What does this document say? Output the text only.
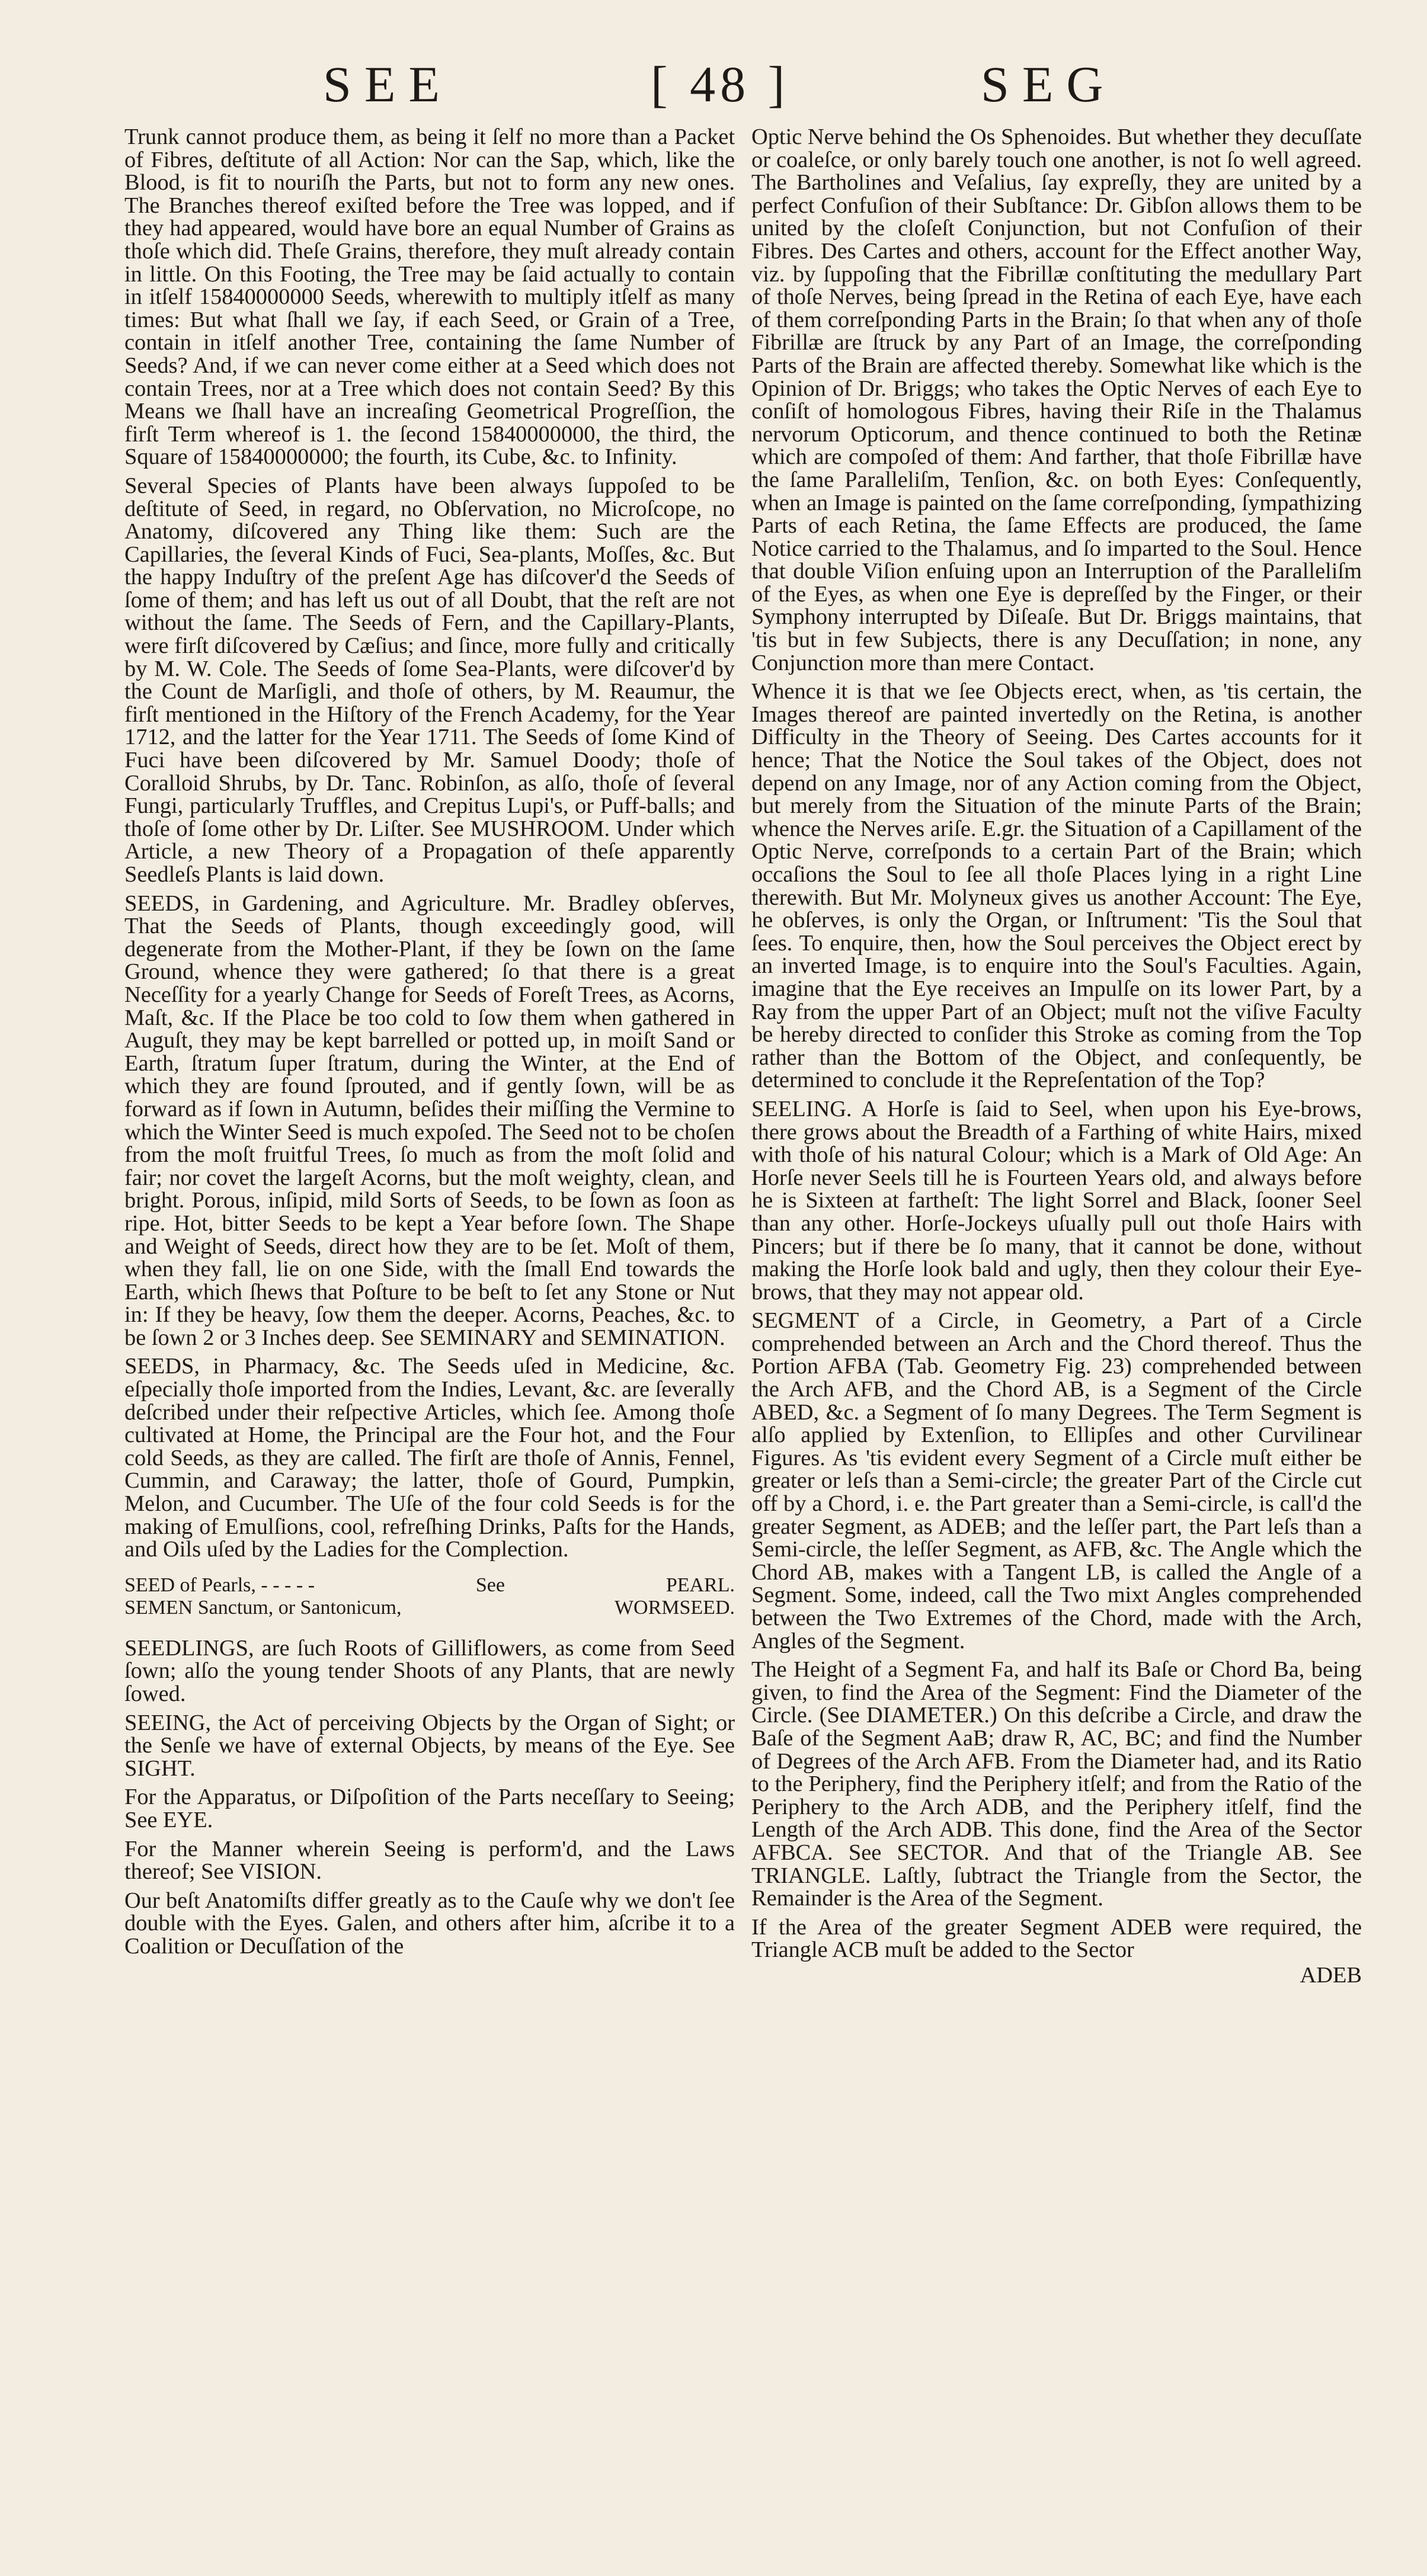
SEE	[ 48 ]	SEG

Trunk cannot produce them, as being it ſelf no more than a Packet of Fibres, deſtitute of all Action: Nor can the Sap, which, like the Blood, is fit to nouriſh the Parts, but not to form any new ones. The Branches thereof exiſted before the Tree was lopped, and if they had appeared, would have bore an equal Number of Grains as thoſe which did. Theſe Grains, therefore, they muſt already contain in little. On this Footing, the Tree may be ſaid actually to contain in itſelf 15840000000 Seeds, wherewith to multiply itſelf as many times: But what ſhall we ſay, if each Seed, or Grain of a Tree, contain in itſelf another Tree, containing the ſame Number of Seeds? And, if we can never come either at a Seed which does not contain Trees, nor at a Tree which does not contain Seed? By this Means we ſhall have an increaſing Geometrical Progreſſion, the firſt Term whereof is 1. the ſecond 15840000000, the third, the Square of 15840000000; the fourth, its Cube, &c. to Infinity.

Several Species of Plants have been always ſuppoſed to be deſtitute of Seed, in regard, no Obſervation, no Microſcope, no Anatomy, diſcovered any Thing like them: Such are the Capillaries, the ſeveral Kinds of Fuci, Sea-plants, Moſſes, &c. But the happy Induſtry of the preſent Age has diſcover'd the Seeds of ſome of them; and has left us out of all Doubt, that the reſt are not without the ſame. The Seeds of Fern, and the Capillary-Plants, were firſt diſcovered by Cæſius; and ſince, more fully and critically by M. W. Cole. The Seeds of ſome Sea-Plants, were diſcover'd by the Count de Marſigli, and thoſe of others, by M. Reaumur, the firſt mentioned in the Hiſtory of the French Academy, for the Year 1712, and the latter for the Year 1711. The Seeds of ſome Kind of Fuci have been diſcovered by Mr. Samuel Doody; thoſe of Coralloid Shrubs, by Dr. Tanc. Robinſon, as alſo, thoſe of ſeveral Fungi, particularly Truffles, and Crepitus Lupi's, or Puff-balls; and thoſe of ſome other by Dr. Liſter. See MUSHROOM. Under which Article, a new Theory of a Propagation of theſe apparently Seedleſs Plants is laid down.

SEEDS, in Gardening, and Agriculture. Mr. Bradley obſerves, That the Seeds of Plants, though exceedingly good, will degenerate from the Mother-Plant, if they be ſown on the ſame Ground, whence they were gathered; ſo that there is a great Neceſſity for a yearly Change for Seeds of Foreſt Trees, as Acorns, Maſt, &c. If the Place be too cold to ſow them when gathered in Auguſt, they may be kept barrelled or potted up, in moiſt Sand or Earth, ſtratum ſuper ſtratum, during the Winter, at the End of which they are found ſprouted, and if gently ſown, will be as forward as if ſown in Autumn, beſides their miſſing the Vermine to which the Winter Seed is much expoſed. The Seed not to be choſen from the moſt fruitful Trees, ſo much as from the moſt ſolid and fair; nor covet the largeſt Acorns, but the moſt weighty, clean, and bright. Porous, inſipid, mild Sorts of Seeds, to be ſown as ſoon as ripe. Hot, bitter Seeds to be kept a Year before ſown. The Shape and Weight of Seeds, direct how they are to be ſet. Moſt of them, when they fall, lie on one Side, with the ſmall End towards the Earth, which ſhews that Poſture to be beſt to ſet any Stone or Nut in: If they be heavy, ſow them the deeper. Acorns, Peaches, &c. to be ſown 2 or 3 Inches deep. See SEMINARY and SEMINATION.

SEEDS, in Pharmacy, &c. The Seeds uſed in Medicine, &c. eſpecially thoſe imported from the Indies, Levant, &c. are ſeverally deſcribed under their reſpective Articles, which ſee. Among thoſe cultivated at Home, the Principal are the Four hot, and the Four cold Seeds, as they are called. The firſt are thoſe of Annis, Fennel, Cummin, and Caraway; the latter, thoſe of Gourd, Pumpkin, Melon, and Cucumber. The Uſe of the four cold Seeds is for the making of Emulſions, cool, refreſhing Drinks, Paſts for the Hands, and Oils uſed by the Ladies for the Complection.

SEED of Pearls, - - - - -	See	PEARL.
SEMEN Sanctum, or Santonicum,	WORMSEED.

SEEDLINGS, are ſuch Roots of Gilliflowers, as come from Seed ſown; alſo the young tender Shoots of any Plants, that are newly ſowed.

SEEING, the Act of perceiving Objects by the Organ of Sight; or the Senſe we have of external Objects, by means of the Eye. See SIGHT.

For the Apparatus, or Diſpoſition of the Parts neceſſary to Seeing; See EYE.

For the Manner wherein Seeing is perform'd, and the Laws thereof; See VISION.

Our beſt Anatomiſts differ greatly as to the Cauſe why we don't ſee double with the Eyes. Galen, and others after him, aſcribe it to a Coalition or Decuſſation of the

Optic Nerve behind the Os Sphenoides. But whether they decuſſate or coaleſce, or only barely touch one another, is not ſo well agreed. The Bartholines and Veſalius, ſay expreſly, they are united by a perfect Confuſion of their Subſtance: Dr. Gibſon allows them to be united by the cloſeſt Conjunction, but not Confuſion of their Fibres. Des Cartes and others, account for the Effect another Way, viz. by ſuppoſing that the Fibrillæ conſtituting the medullary Part of thoſe Nerves, being ſpread in the Retina of each Eye, have each of them correſponding Parts in the Brain; ſo that when any of thoſe Fibrillæ are ſtruck by any Part of an Image, the correſponding Parts of the Brain are affected thereby. Somewhat like which is the Opinion of Dr. Briggs; who takes the Optic Nerves of each Eye to conſiſt of homologous Fibres, having their Riſe in the Thalamus nervorum Opticorum, and thence continued to both the Retinæ which are compoſed of them: And farther, that thoſe Fibrillæ have the ſame Paralleliſm, Tenſion, &c. on both Eyes: Conſequently, when an Image is painted on the ſame correſponding, ſympathizing Parts of each Retina, the ſame Effects are produced, the ſame Notice carried to the Thalamus, and ſo imparted to the Soul. Hence that double Viſion enſuing upon an Interruption of the Paralleliſm of the Eyes, as when one Eye is depreſſed by the Finger, or their Symphony interrupted by Diſeaſe. But Dr. Briggs maintains, that 'tis but in few Subjects, there is any Decuſſation; in none, any Conjunction more than mere Contact.

Whence it is that we ſee Objects erect, when, as 'tis certain, the Images thereof are painted invertedly on the Retina, is another Difficulty in the Theory of Seeing. Des Cartes accounts for it hence; That the Notice the Soul takes of the Object, does not depend on any Image, nor of any Action coming from the Object, but merely from the Situation of the minute Parts of the Brain; whence the Nerves ariſe. E.gr. the Situation of a Capillament of the Optic Nerve, correſponds to a certain Part of the Brain; which occaſions the Soul to ſee all thoſe Places lying in a right Line therewith. But Mr. Molyneux gives us another Account: The Eye, he obſerves, is only the Organ, or Inſtrument: 'Tis the Soul that ſees. To enquire, then, how the Soul perceives the Object erect by an inverted Image, is to enquire into the Soul's Faculties. Again, imagine that the Eye receives an Impulſe on its lower Part, by a Ray from the upper Part of an Object; muſt not the viſive Faculty be hereby directed to conſider this Stroke as coming from the Top rather than the Bottom of the Object, and conſequently, be determined to conclude it the Repreſentation of the Top?

SEELING. A Horſe is ſaid to Seel, when upon his Eye-brows, there grows about the Breadth of a Farthing of white Hairs, mixed with thoſe of his natural Colour; which is a Mark of Old Age: An Horſe never Seels till he is Fourteen Years old, and always before he is Sixteen at fartheſt: The light Sorrel and Black, ſooner Seel than any other. Horſe-Jockeys uſually pull out thoſe Hairs with Pincers; but if there be ſo many, that it cannot be done, without making the Horſe look bald and ugly, then they colour their Eye-brows, that they may not appear old.

SEGMENT of a Circle, in Geometry, a Part of a Circle comprehended between an Arch and the Chord thereof. Thus the Portion AFBA (Tab. Geometry Fig. 23) comprehended between the Arch AFB, and the Chord AB, is a Segment of the Circle ABED, &c. a Segment of ſo many Degrees. The Term Segment is alſo applied by Extenſion, to Ellipſes and other Curvilinear Figures. As 'tis evident every Segment of a Circle muſt either be greater or leſs than a Semi-circle; the greater Part of the Circle cut off by a Chord, i. e. the Part greater than a Semi-circle, is call'd the greater Segment, as ADEB; and the leſſer part, the Part leſs than a Semi-circle, the leſſer Segment, as AFB, &c. The Angle which the Chord AB, makes with a Tangent LB, is called the Angle of a Segment. Some, indeed, call the Two mixt Angles comprehended between the Two Extremes of the Chord, made with the Arch, Angles of the Segment.

The Height of a Segment Fa, and half its Baſe or Chord Ba, being given, to find the Area of the Segment: Find the Diameter of the Circle. (See DIAMETER.) On this deſcribe a Circle, and draw the Baſe of the Segment AaB; draw R, AC, BC; and find the Number of Degrees of the Arch AFB. From the Diameter had, and its Ratio to the Periphery, find the Periphery itſelf; and from the Ratio of the Periphery to the Arch ADB, and the Periphery itſelf, find the Length of the Arch ADB. This done, find the Area of the Sector AFBCA. See SECTOR. And that of the Triangle AB. See TRIANGLE. Laſtly, ſubtract the Triangle from the Sector, the Remainder is the Area of the Segment.

If the Area of the greater Segment ADEB were required, the Triangle ACB muſt be added to the Sector

ADEB
